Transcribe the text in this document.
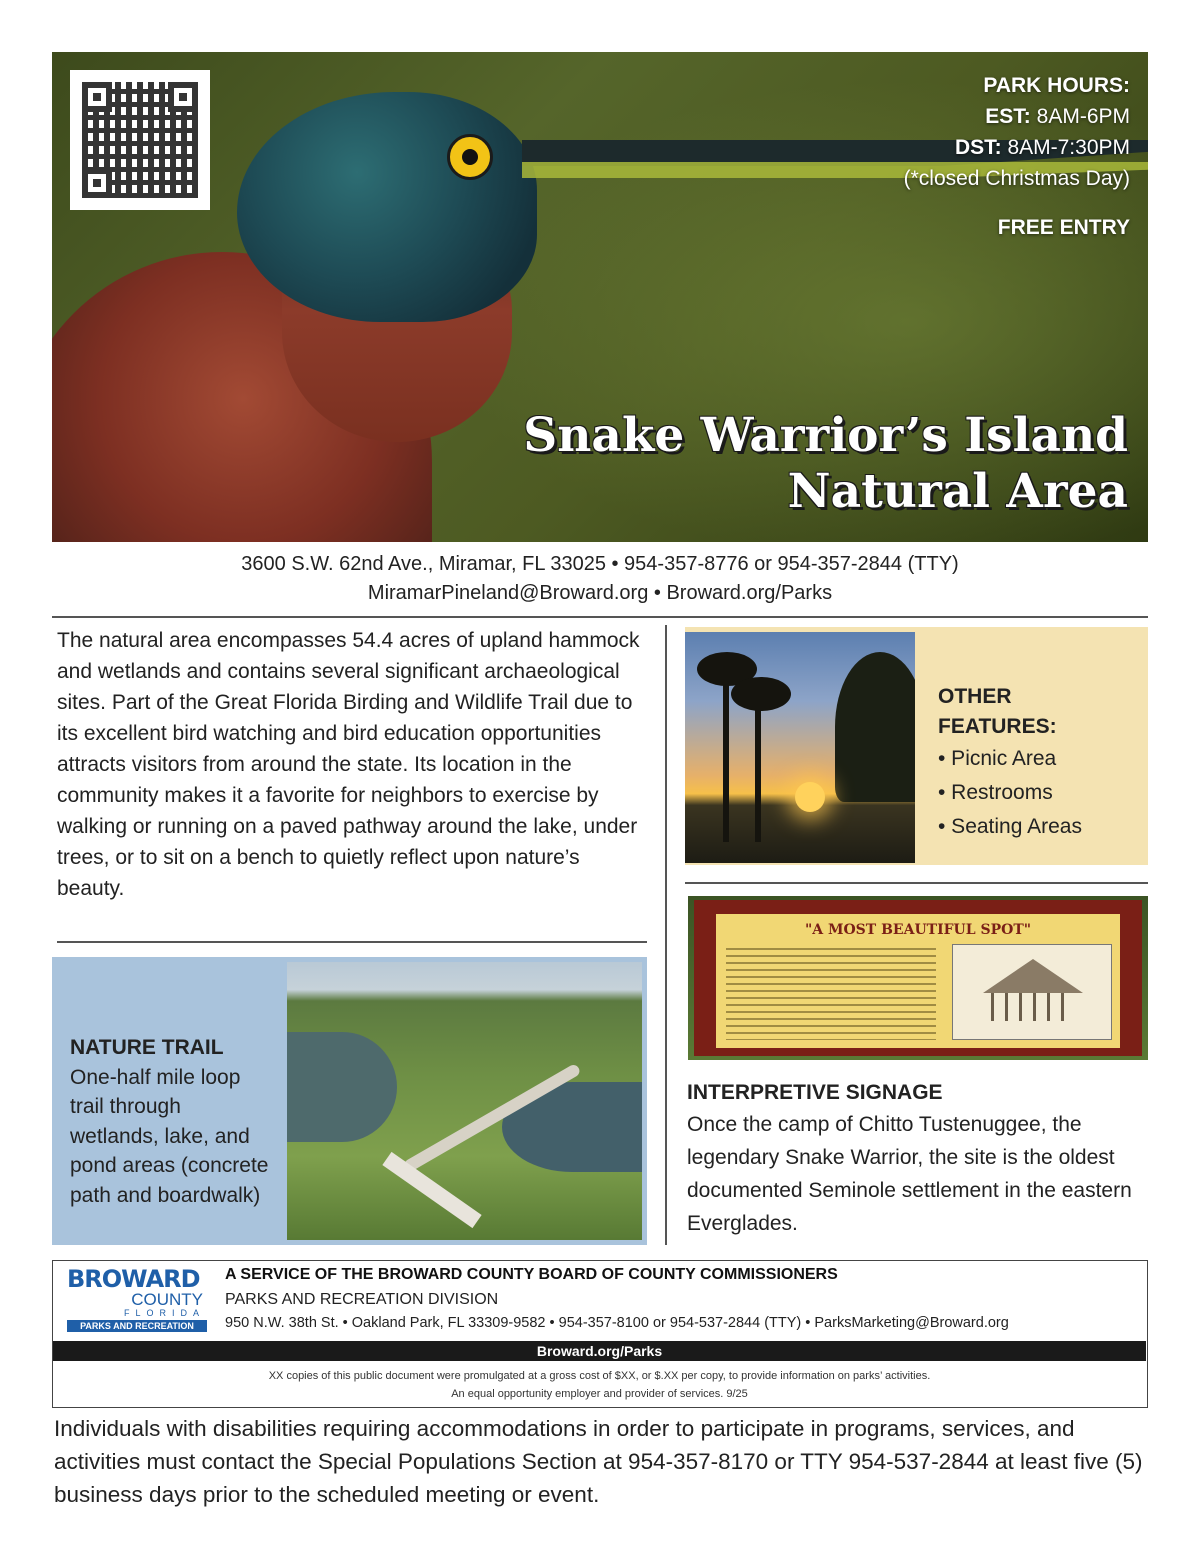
PARK HOURS:
EST: 8AM-6PM
DST: 8AM-7:30PM
(*closed Christmas Day)
FREE ENTRY
Snake Warrior’s Island
Natural Area
3600 S.W. 62nd Ave., Miramar, FL 33025 • 954-357-8776 or 954-357-2844 (TTY)
MiramarPineland@Broward.org • Broward.org/Parks
The natural area encompasses 54.4 acres of upland hammock and wetlands and contains several significant archaeological sites. Part of the Great Florida Birding and Wildlife Trail due to its excellent bird watching and bird education opportunities attracts visitors from around the state. Its location in the community makes it a favorite for neighbors to exercise by walking or running on a paved pathway around the lake, under trees, or to sit on a bench to quietly reflect upon nature’s beauty.
NATURE TRAIL
One-half mile loop trail through wetlands, lake, and pond areas (concrete path and boardwalk)
OTHER
FEATURES:
• Picnic Area
• Restrooms
• Seating Areas
"A MOST BEAUTIFUL SPOT"
INTERPRETIVE SIGNAGE
Once the camp of Chitto Tustenuggee, the legendary Snake Warrior, the site is the oldest documented Seminole settlement in the eastern Everglades.
BROWARD
COUNTY
FLORIDA
PARKS AND RECREATION
A SERVICE OF THE BROWARD COUNTY BOARD OF COUNTY COMMISSIONERS
PARKS AND RECREATION DIVISION
950 N.W. 38th St. • Oakland Park, FL 33309-9582 • 954-357-8100 or 954-537-2844 (TTY) • ParksMarketing@Broward.org
Broward.org/Parks
XX copies of this public document were promulgated at a gross cost of $XX, or $.XX per copy, to provide information on parks’ activities.
An equal opportunity employer and provider of services. 9/25
Individuals with disabilities requiring accommodations in order to participate in programs, services, and activities must contact the Special Populations Section at 954-357-8170 or TTY 954-537-2844 at least five (5) business days prior to the scheduled meeting or event.
